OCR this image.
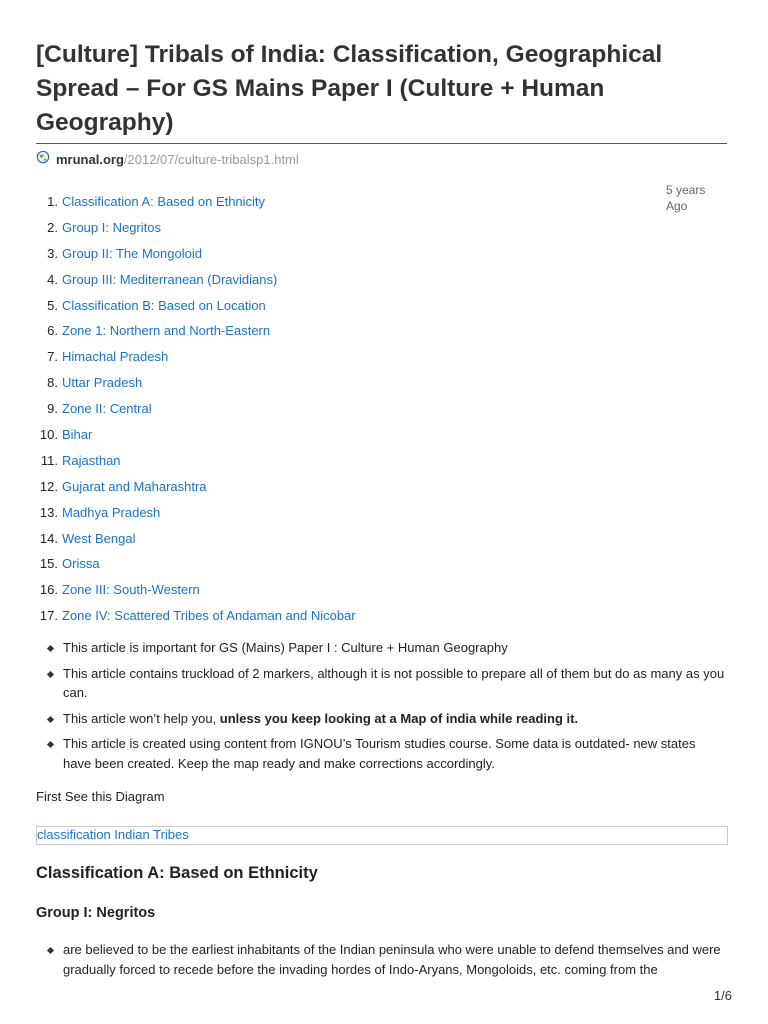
[Culture] Tribals of India: Classification, Geographical Spread – For GS Mains Paper I (Culture + Human Geography)
mrunal.org /2012/07/culture-tribalsp1.html
5 years
Ago
1. Classification A: Based on Ethnicity
2. Group I: Negritos
3. Group II: The Mongoloid
4. Group III: Mediterranean (Dravidians)
5. Classification B: Based on Location
6. Zone 1: Northern and North-Eastern
7. Himachal Pradesh
8. Uttar Pradesh
9. Zone II: Central
10. Bihar
11. Rajasthan
12. Gujarat and Maharashtra
13. Madhya Pradesh
14. West Bengal
15. Orissa
16. Zone III: South-Western
17. Zone IV: Scattered Tribes of Andaman and Nicobar
This article is important for GS (Mains) Paper I : Culture + Human Geography
This article contains truckload of 2 markers, although it is not possible to prepare all of them but do as many as you can.
This article won’t help you, unless you keep looking at a Map of india while reading it.
This article is created using content from IGNOU’s Tourism studies course. Some data is outdated- new states have been created. Keep the map ready and make corrections accordingly.
First See this Diagram
classification Indian Tribes
Classification A: Based on Ethnicity
Group I: Negritos
are believed to be the earliest inhabitants of the Indian peninsula who were unable to defend themselves and were gradually forced to recede before the invading hordes of Indo-Aryans, Mongoloids, etc. coming from the
1/6
